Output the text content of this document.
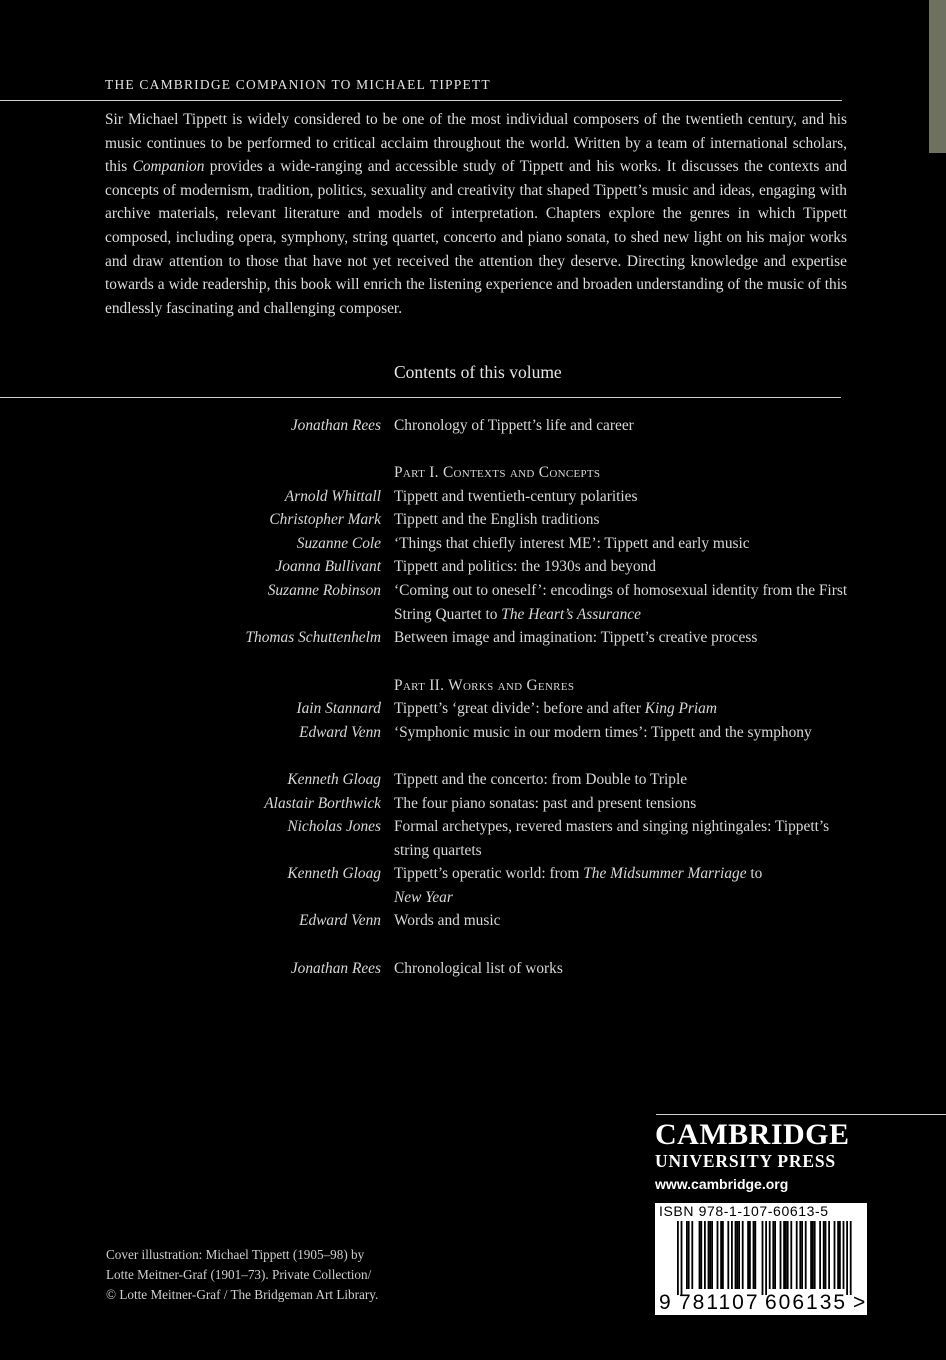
THE CAMBRIDGE COMPANION TO MICHAEL TIPPETT
Sir Michael Tippett is widely considered to be one of the most individual composers of the twentieth century, and his music continues to be performed to critical acclaim throughout the world. Written by a team of international scholars, this Companion provides a wide-ranging and accessible study of Tippett and his works. It discusses the contexts and concepts of modernism, tradition, politics, sexuality and creativity that shaped Tippett’s music and ideas, engaging with archive materials, relevant literature and models of interpretation. Chapters explore the genres in which Tippett composed, including opera, symphony, string quartet, concerto and piano sonata, to shed new light on his major works and draw attention to those that have not yet received the attention they deserve. Directing knowledge and expertise towards a wide readership, this book will enrich the listening experience and broaden understanding of the music of this endlessly fascinating and challenging composer.
Contents of this volume
Jonathan Rees Chronology of Tippett’s life and career
Part I. Contexts and Concepts
Arnold Whittall Tippett and twentieth-century polarities
Christopher Mark Tippett and the English traditions
Suzanne Cole ‘Things that chiefly interest ME’: Tippett and early music
Joanna Bullivant Tippett and politics: the 1930s and beyond
Suzanne Robinson ‘Coming out to oneself’: encodings of homosexual identity from the First String Quartet to The Heart’s Assurance
Thomas Schuttenhelm Between image and imagination: Tippett’s creative process
Part II. Works and Genres
Iain Stannard Tippett’s ‘great divide’: before and after King Priam
Edward Venn ‘Symphonic music in our modern times’: Tippett and the symphony
Kenneth Gloag Tippett and the concerto: from Double to Triple
Alastair Borthwick The four piano sonatas: past and present tensions
Nicholas Jones Formal archetypes, revered masters and singing nightingales: Tippett’s string quartets
Kenneth Gloag Tippett’s operatic world: from The Midsummer Marriage to
New Year
Edward Venn Words and music
Jonathan Rees Chronological list of works
Cover illustration: Michael Tippett (1905–98) by
Lotte Meitner-Graf (1901–73). Private Collection/
© Lotte Meitner-Graf / The Bridgeman Art Library.
CAMBRIDGE
UNIVERSITY PRESS
www.cambridge.org
ISBN 978-1-107-60613-5
9 781107 606135 >
